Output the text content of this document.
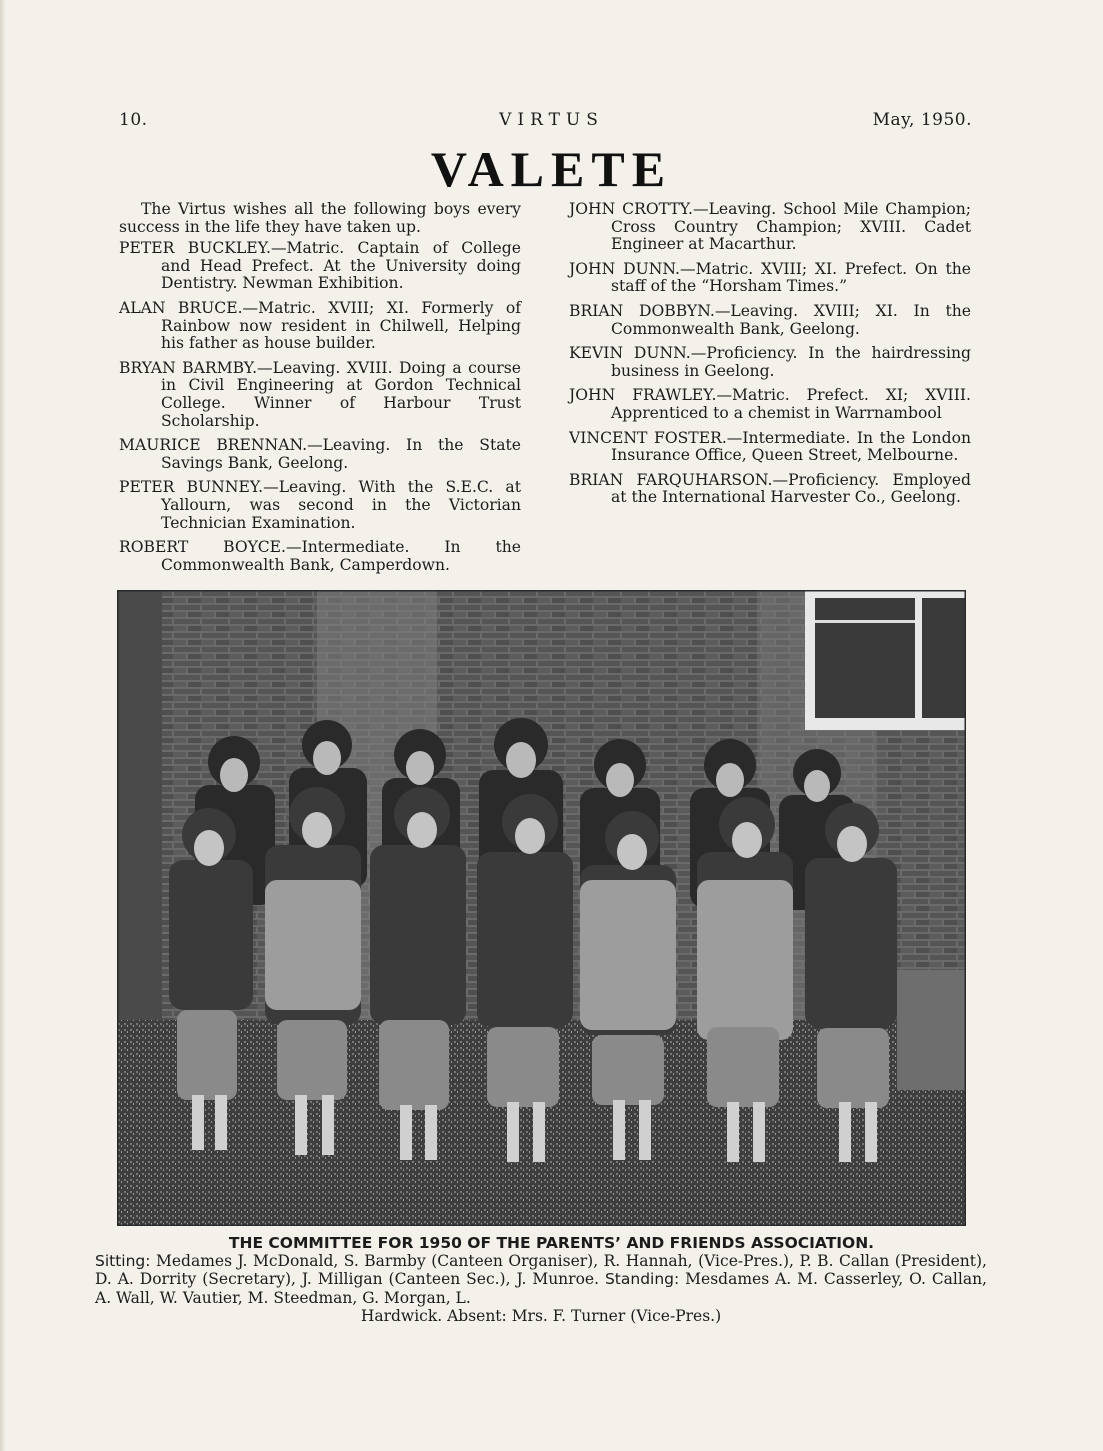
10.	VIRTUS	May, 1950.
VALETE

The Virtus wishes all the following boys every success in the life they have taken up.

PETER BUCKLEY.—Matric. Captain of College and Head Prefect. At the University doing Dentistry. Newman Exhibition.

ALAN BRUCE.—Matric. XVIII; XI. Formerly of Rainbow now resident in Chilwell, Helping his father as house builder.

BRYAN BARMBY.—Leaving. XVIII. Doing a course in Civil Engineering at Gordon Technical College. Winner of Harbour Trust Scholarship.

MAURICE BRENNAN.—Leaving. In the State Savings Bank, Geelong.

PETER BUNNEY.—Leaving. With the S.E.C. at Yallourn, was second in the Victorian Technician Examination.

ROBERT BOYCE.—Intermediate. In the Commonwealth Bank, Camperdown.

JOHN CROTTY.—Leaving. School Mile Champion; Cross Country Champion; XVIII. Cadet Engineer at Macarthur.

JOHN DUNN.—Matric. XVIII; XI. Prefect. On the staff of the “Horsham Times.”

BRIAN DOBBYN.—Leaving. XVIII; XI. In the Commonwealth Bank, Geelong.

KEVIN DUNN.—Proficiency. In the hairdressing business in Geelong.

JOHN FRAWLEY.—Matric. Prefect. XI; XVIII. Apprenticed to a chemist in Warrnambool

VINCENT FOSTER.—Intermediate. In the London Insurance Office, Queen Street, Melbourne.

BRIAN FARQUHARSON.—Proficiency. Employed at the International Harvester Co., Geelong.

THE COMMITTEE FOR 1950 OF THE PARENTS’ AND FRIENDS ASSOCIATION.
Sitting: Medames J. McDonald, S. Barmby (Canteen Organiser), R. Hannah, (Vice-Pres.), P. B. Callan (President), D. A. Dorrity (Secretary), J. Milligan (Canteen Sec.), J. Munroe. Standing: Mesdames A. M. Casserley, O. Callan, A. Wall, W. Vautier, M. Steedman, G. Morgan, L.
Hardwick. Absent: Mrs. F. Turner (Vice-Pres.)
